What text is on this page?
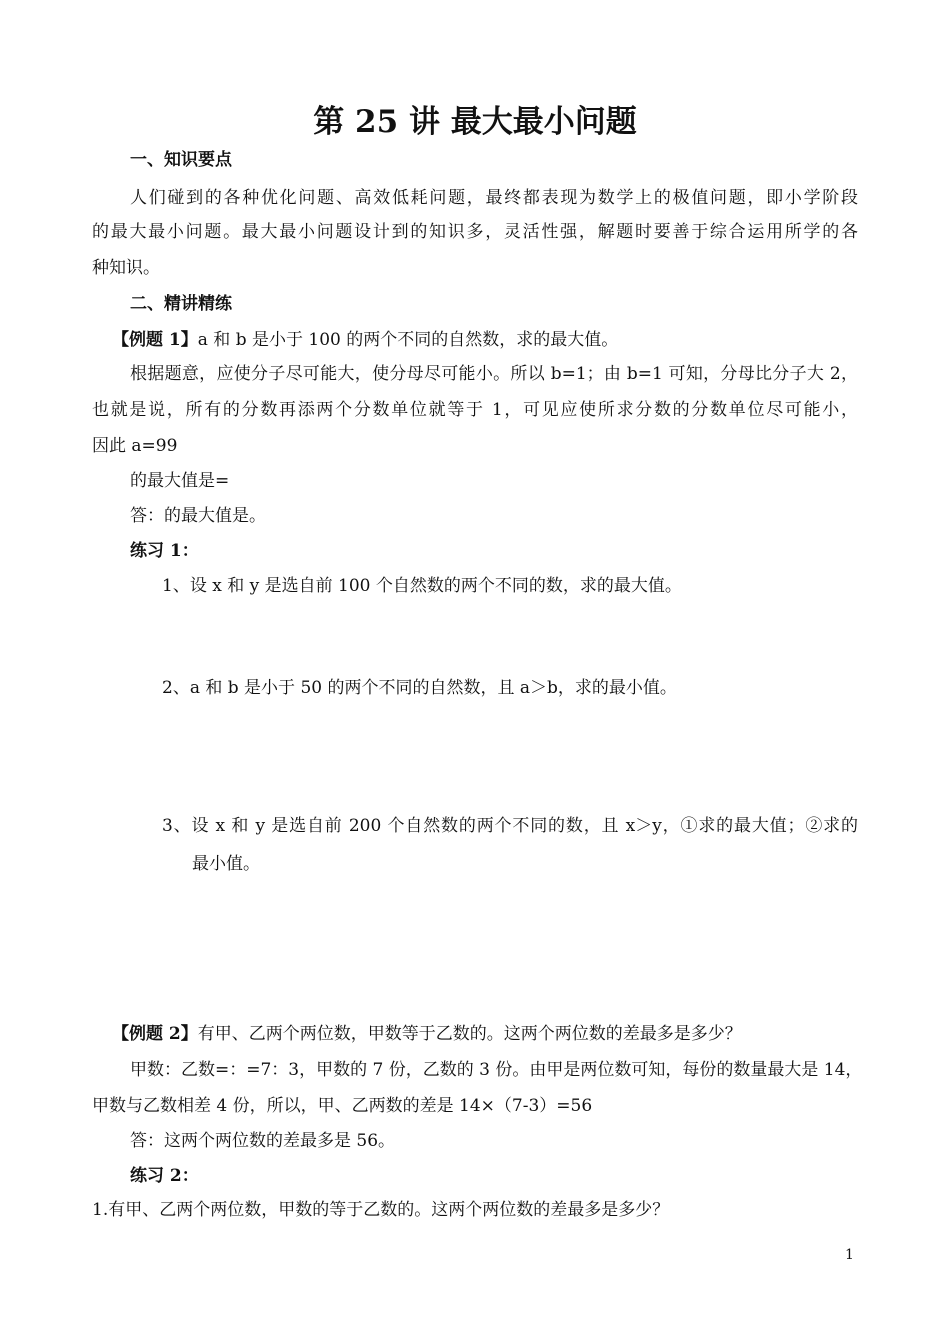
第 25 讲 最大最小问题
一、知识要点
人们碰到的各种优化问题、高效低耗问题，最终都表现为数学上的极值问题，即小学阶段
的最大最小问题。最大最小问题设计到的知识多，灵活性强，解题时要善于综合运用所学的各
种知识。
二、精讲精练
【例题 1】a 和 b 是小于 100 的两个不同的自然数，求的最大值。
根据题意，应使分子尽可能大，使分母尽可能小。所以 b=1；由 b=1 可知，分母比分子大 2，
也就是说，所有的分数再添两个分数单位就等于 1，可见应使所求分数的分数单位尽可能小，
因此 a=99
的最大值是=
答：的最大值是。
练习 1：
1、设 x 和 y 是选自前 100 个自然数的两个不同的数，求的最大值。
2、a 和 b 是小于 50 的两个不同的自然数，且 a＞b，求的最小值。
3、设 x 和 y 是选自前 200 个自然数的两个不同的数，且 x＞y，①求的最大值；②求的
最小值。
【例题 2】有甲、乙两个两位数，甲数等于乙数的。这两个两位数的差最多是多少？
甲数：乙数=：=7：3，甲数的 7 份，乙数的 3 份。由甲是两位数可知，每份的数量最大是 14，
甲数与乙数相差 4 份，所以，甲、乙两数的差是 14×（7-3）=56
答：这两个两位数的差最多是 56。
练习 2：
1.有甲、乙两个两位数，甲数的等于乙数的。这两个两位数的差最多是多少？
1
